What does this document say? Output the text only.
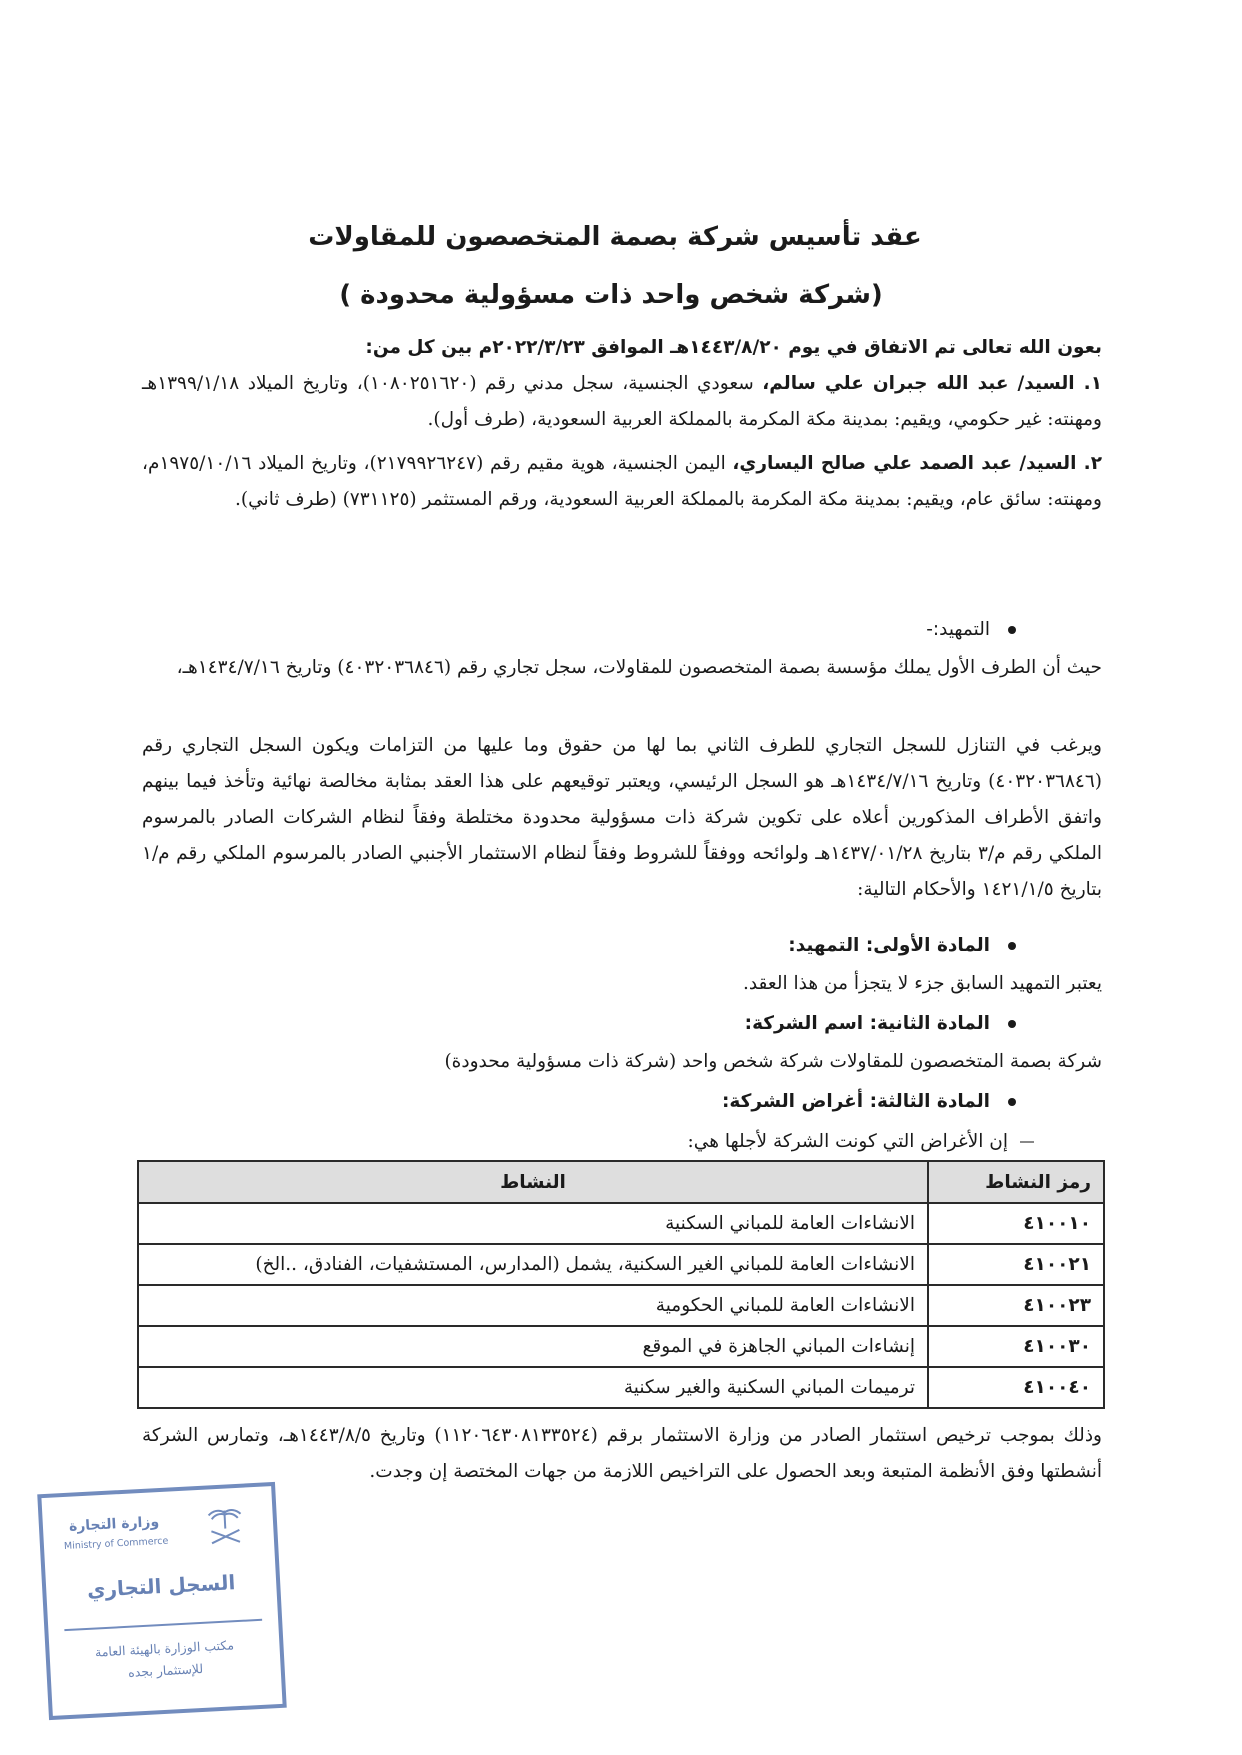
عقد تأسيس شركة بصمة المتخصصون للمقاولات
(شركة شخص واحد ذات مسؤولية محدودة )
بعون الله تعالى تم الاتفاق في يوم ١٤٤٣/٨/٢٠هـ الموافق ٢٠٢٢/٣/٢٣م بين كل من:
١. السيد/ عبد الله جبران علي سالم، سعودي الجنسية، سجل مدني رقم (١٠٨٠٢٥١٦٢٠)، وتاريخ الميلاد ١٣٩٩/١/١٨هـ ومهنته: غير حكومي، ويقيم: بمدينة مكة المكرمة بالمملكة العربية السعودية، (طرف أول).
٢. السيد/ عبد الصمد علي صالح اليساري، اليمن الجنسية، هوية مقيم رقم (٢١٧٩٩٢٦٢٤٧)، وتاريخ الميلاد ١٩٧٥/١٠/١٦م، ومهنته: سائق عام، ويقيم: بمدينة مكة المكرمة بالمملكة العربية السعودية، ورقم المستثمر (٧٣١١٢٥) (طرف ثاني).
التمهيد:-
حيث أن الطرف الأول يملك مؤسسة بصمة المتخصصون للمقاولات، سجل تجاري رقم (٤٠٣٢٠٣٦٨٤٦) وتاريخ ١٤٣٤/٧/١٦هـ،
ويرغب في التنازل للسجل التجاري للطرف الثاني بما لها من حقوق وما عليها من التزامات ويكون السجل التجاري رقم (٤٠٣٢٠٣٦٨٤٦) وتاريخ ١٤٣٤/٧/١٦هـ هو السجل الرئيسي، ويعتبر توقيعهم على هذا العقد بمثابة مخالصة نهائية وتأخذ فيما بينهم واتفق الأطراف المذكورين أعلاه على تكوين شركة ذات مسؤولية محدودة مختلطة وفقاً لنظام الشركات الصادر بالمرسوم الملكي رقم م/٣ بتاريخ ١٤٣٧/٠١/٢٨هـ ولوائحه ووفقاً للشروط وفقاً لنظام الاستثمار الأجنبي الصادر بالمرسوم الملكي رقم م/١ بتاريخ ١٤٢١/١/٥ والأحكام التالية:
المادة الأولى: التمهيد:
يعتبر التمهيد السابق جزء لا يتجزأ من هذا العقد.
المادة الثانية: اسم الشركة:
شركة بصمة المتخصصون للمقاولات شركة شخص واحد (شركة ذات مسؤولية محدودة)
المادة الثالثة: أغراض الشركة:
إن الأغراض التي كونت الشركة لأجلها هي:
رمز النشاط	النشاط
٤١٠٠١٠	الانشاءات العامة للمباني السكنية
٤١٠٠٢١	الانشاءات العامة للمباني الغير السكنية، يشمل (المدارس، المستشفيات، الفنادق، ..الخ)
٤١٠٠٢٣	الانشاءات العامة للمباني الحكومية
٤١٠٠٣٠	إنشاءات المباني الجاهزة في الموقع
٤١٠٠٤٠	ترميمات المباني السكنية والغير سكنية
وذلك بموجب ترخيص استثمار الصادر من وزارة الاستثمار برقم (١١٢٠٦٤٣٠٨١٣٣٥٢٤) وتاريخ ١٤٤٣/٨/٥هـ، وتمارس الشركة أنشطتها وفق الأنظمة المتبعة وبعد الحصول على التراخيص اللازمة من جهات المختصة إن وجدت.
وزارة التجارة
Ministry of Commerce
السجل التجاري
مكتب الوزارة بالهيئة العامة
للإستثمار بجده
